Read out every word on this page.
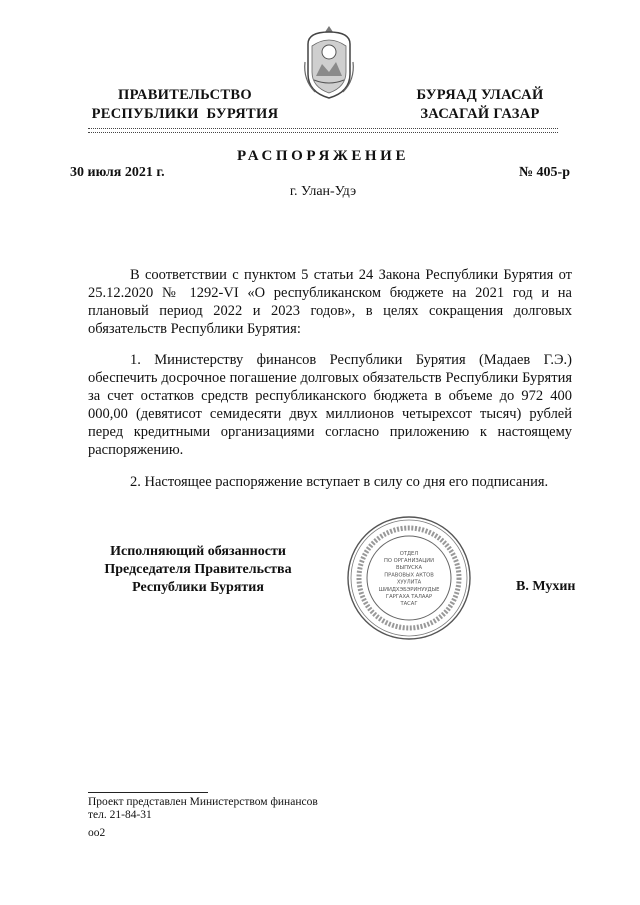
ПРАВИТЕЛЬСТВО
РЕСПУБЛИКИ  БУРЯТИЯ
БУРЯАД УЛАСАЙ
ЗАСАГАЙ ГАЗАР
РАСПОРЯЖЕНИЕ
30 июля 2021 г.	№ 405-р
г. Улан-Удэ

В соответствии с пунктом 5 статьи 24 Закона Республики Бурятия от 25.12.2020 № 1292-VI «О республиканском бюджете на 2021 год и на плановый период 2022 и 2023 годов», в целях сокращения долговых обязательств Республики Бурятия:

1. Министерству финансов Республики Бурятия (Мадаев Г.Э.) обеспечить досрочное погашение долговых обязательств Республики Бурятия за счет остатков средств республиканского бюджета в объеме до 972 400 000,00 (девятисот семидесяти двух миллионов четырехсот тысяч) рублей перед кредитными организациями согласно приложению к настоящему распоряжению.

2. Настоящее распоряжение вступает в силу со дня его подписания.

Исполняющий обязанности
Председателя Правительства
Республики Бурятия	В. Мухин
ОТДЕЛ
ПО ОРГАНИЗАЦИИ
ВЫПУСКА
ПРАВОВЫХ АКТОВ
ХУУЛИТА
ШИИДХЭБЭРИНУУДЫЕ
ГАРГАХА ТАЛААР
ТАСАГ
Проект представлен Министерством финансов
тел. 21-84-31
оо2
